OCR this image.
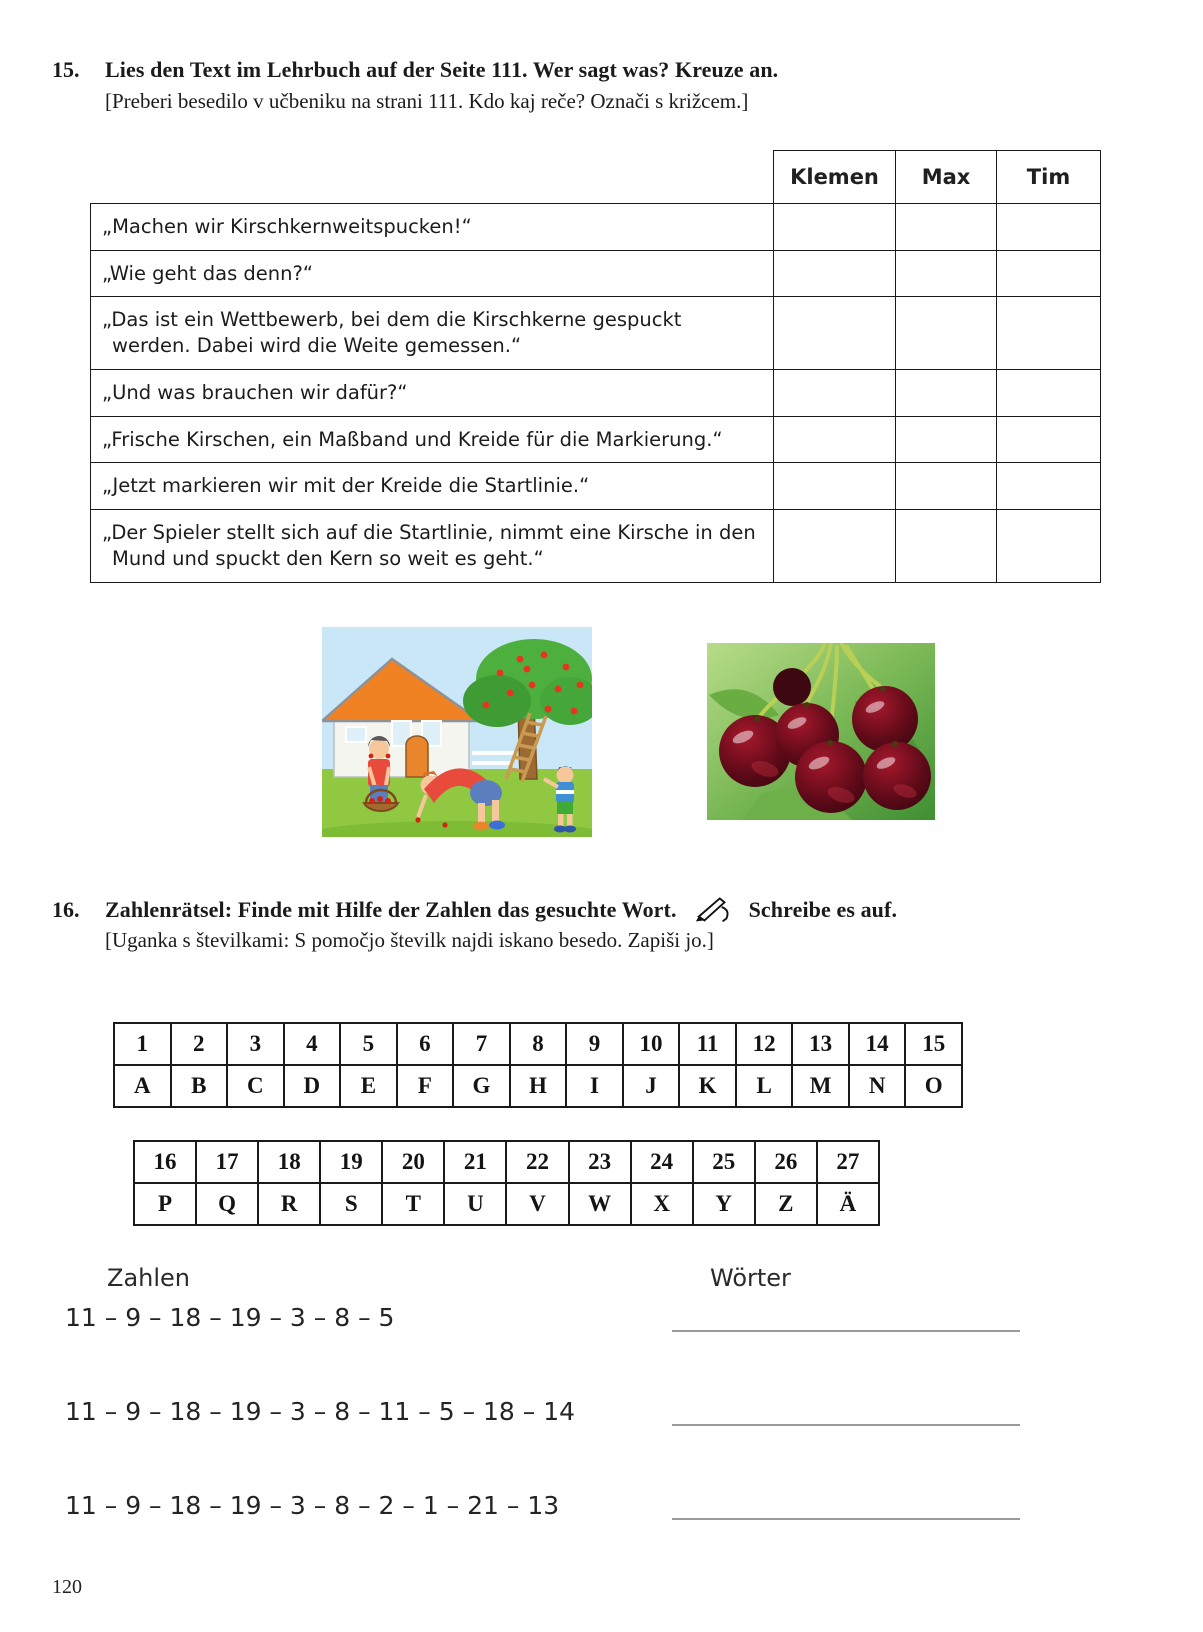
15.	Lies den Text im Lehrbuch auf der Seite 111. Wer sagt was? Kreuze an.
[Preberi besedilo v učbeniku na strani 111. Kdo kaj reče? Označi s križcem.]
	Klemen	Max	Tim
„Machen wir Kirschkernweitspucken!“			
„Wie geht das denn?“			
„Das ist ein Wettbewerb, bei dem die Kirschkerne gespuckt werden. Dabei wird die Weite gemessen.“			
„Und was brauchen wir dafür?“			
„Frische Kirschen, ein Maßband und Kreide für die Markierung.“			
„Jetzt markieren wir mit der Kreide die Startlinie.“			
„Der Spieler stellt sich auf die Startlinie, nimmt eine Kirsche in den Mund und spuckt den Kern so weit es geht.“			
16.	Zahlenrätsel: Finde mit Hilfe der Zahlen das gesuchte Wort.	Schreibe es auf.
[Uganka s številkami: S pomočjo številk najdi iskano besedo. Zapiši jo.]
1	2	3	4	5	6	7	8	9	10	11	12	13	14	15
A	B	C	D	E	F	G	H	I	J	K	L	M	N	O
16	17	18	19	20	21	22	23	24	25	26	27
P	Q	R	S	T	U	V	W	X	Y	Z	Ä
Zahlen	Wörter
11 – 9 – 18 – 19 – 3 – 8 – 5
11 – 9 – 18 – 19 – 3 – 8 – 11 – 5 – 18 – 14
11 – 9 – 18 – 19 – 3 – 8 – 2 – 1 – 21 – 13
120
